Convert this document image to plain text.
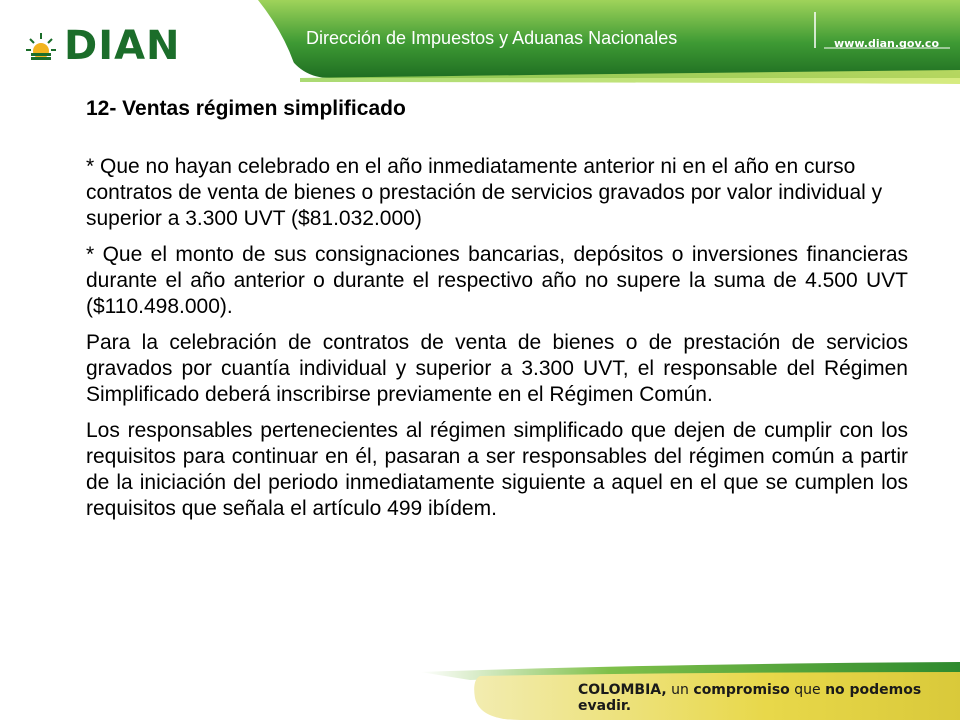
DIAN	Dirección de Impuestos y Aduanas Nacionales	www.dian.gov.co
12- Ventas régimen simplificado

* Que no hayan celebrado en el año inmediatamente anterior ni en el año en curso contratos de venta de bienes o prestación de servicios gravados por valor individual y superior a 3.300 UVT ($81.032.000)

* Que el monto de sus consignaciones bancarias, depósitos o inversiones financieras durante el año anterior o durante el respectivo año no supere la suma de 4.500 UVT ($110.498.000).

Para la celebración de contratos de venta de bienes o de prestación de servicios gravados por cuantía individual y superior a 3.300 UVT, el responsable del Régimen Simplificado deberá inscribirse previamente en el Régimen Común.

Los responsables pertenecientes al régimen simplificado que dejen de cumplir con los requisitos para continuar en él, pasaran a ser responsables del régimen común a partir de la iniciación del periodo inmediatamente siguiente a aquel en el que se cumplen los requisitos que señala el artículo 499 ibídem.

COLOMBIA, un compromiso que no podemos evadir.
